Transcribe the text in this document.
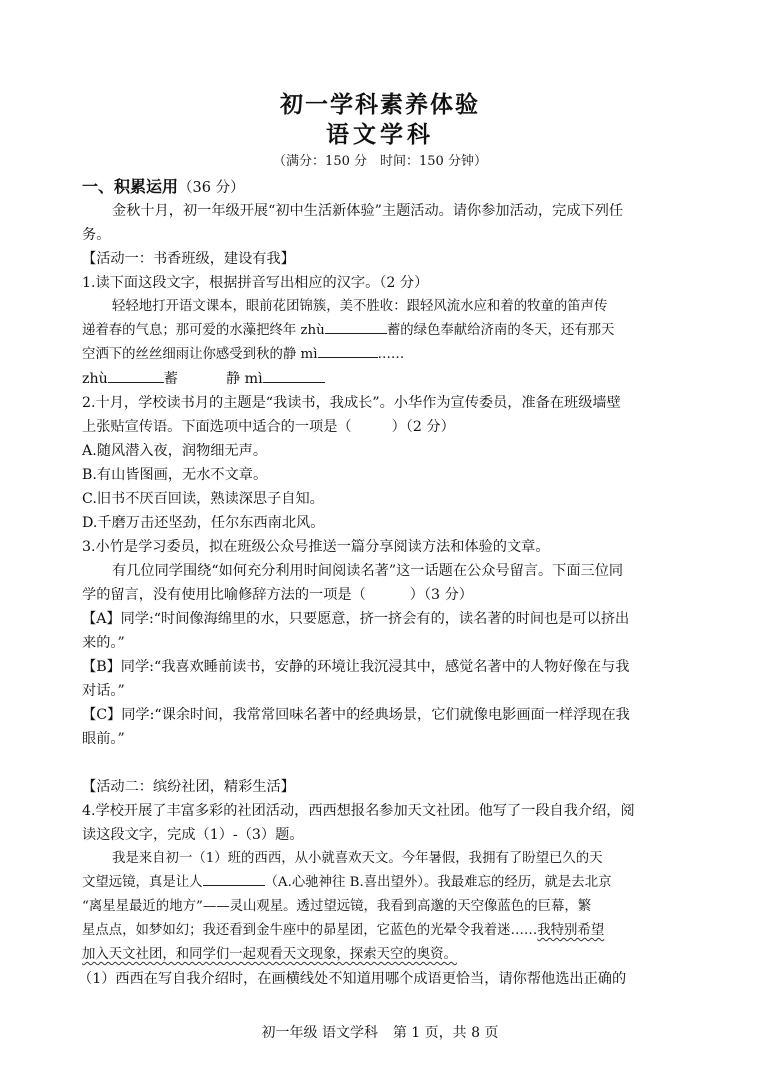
初一学科素养体验
语文学科
（满分：150 分　时间：150 分钟）
一、积累运用（36 分）
金秋十月，初一年级开展“初中生活新体验”主题活动。请你参加活动，完成下列任
务。
【活动一：书香班级，建设有我】
1.读下面这段文字，根据拼音写出相应的汉字。（2 分）
轻轻地打开语文课本，眼前花团锦簇，美不胜收：跟轻风流水应和着的牧童的笛声传
递着春的气息；那可爱的水藻把终年 zhù	蓄的绿色奉献给济南的冬天，还有那天
空洒下的丝丝细雨让你感受到秋的静 mì	……
zhù	蓄	静 mì
2.十月，学校读书月的主题是“我读书，我成长”。小华作为宣传委员，准备在班级墙壁
上张贴宣传语。下面选项中适合的一项是（	）（2 分）
A.随风潜入夜，润物细无声。
B.有山皆图画，无水不文章。
C.旧书不厌百回读，熟读深思子自知。
D.千磨万击还坚劲，任尔东西南北风。
3.小竹是学习委员，拟在班级公众号推送一篇分享阅读方法和体验的文章。
有几位同学围绕“如何充分利用时间阅读名著”这一话题在公众号留言。下面三位同
学的留言，没有使用比喻修辞方法的一项是（	）（3 分）
【A】同学:“时间像海绵里的水，只要愿意，挤一挤会有的，读名著的时间也是可以挤出
来的。”
【B】同学:“我喜欢睡前读书，安静的环境让我沉浸其中，感觉名著中的人物好像在与我
对话。”
【C】同学:“课余时间，我常常回味名著中的经典场景，它们就像电影画面一样浮现在我
眼前。”
【活动二：缤纷社团，精彩生活】
4.学校开展了丰富多彩的社团活动，西西想报名参加天文社团。他写了一段自我介绍，阅
读这段文字，完成（1）-（3）题。
我是来自初一（1）班的西西，从小就喜欢天文。今年暑假，我拥有了盼望已久的天
文望远镜，真是让人	（A.心驰神往 B.喜出望外）。我最难忘的经历，就是去北京
“离星星最近的地方”——灵山观星。透过望远镜，我看到高邈的天空像蓝色的巨幕，繁
星点点，如梦如幻；我还看到金牛座中的昴星团，它蓝色的光晕令我着迷……我特别希望
加入天文社团，和同学们一起观看天文现象，探索天空的奥资。
（1）西西在写自我介绍时，在画横线处不知道用哪个成语更恰当，请你帮他选出正确的
初一年级 语文学科 第 1 页，共 8 页
